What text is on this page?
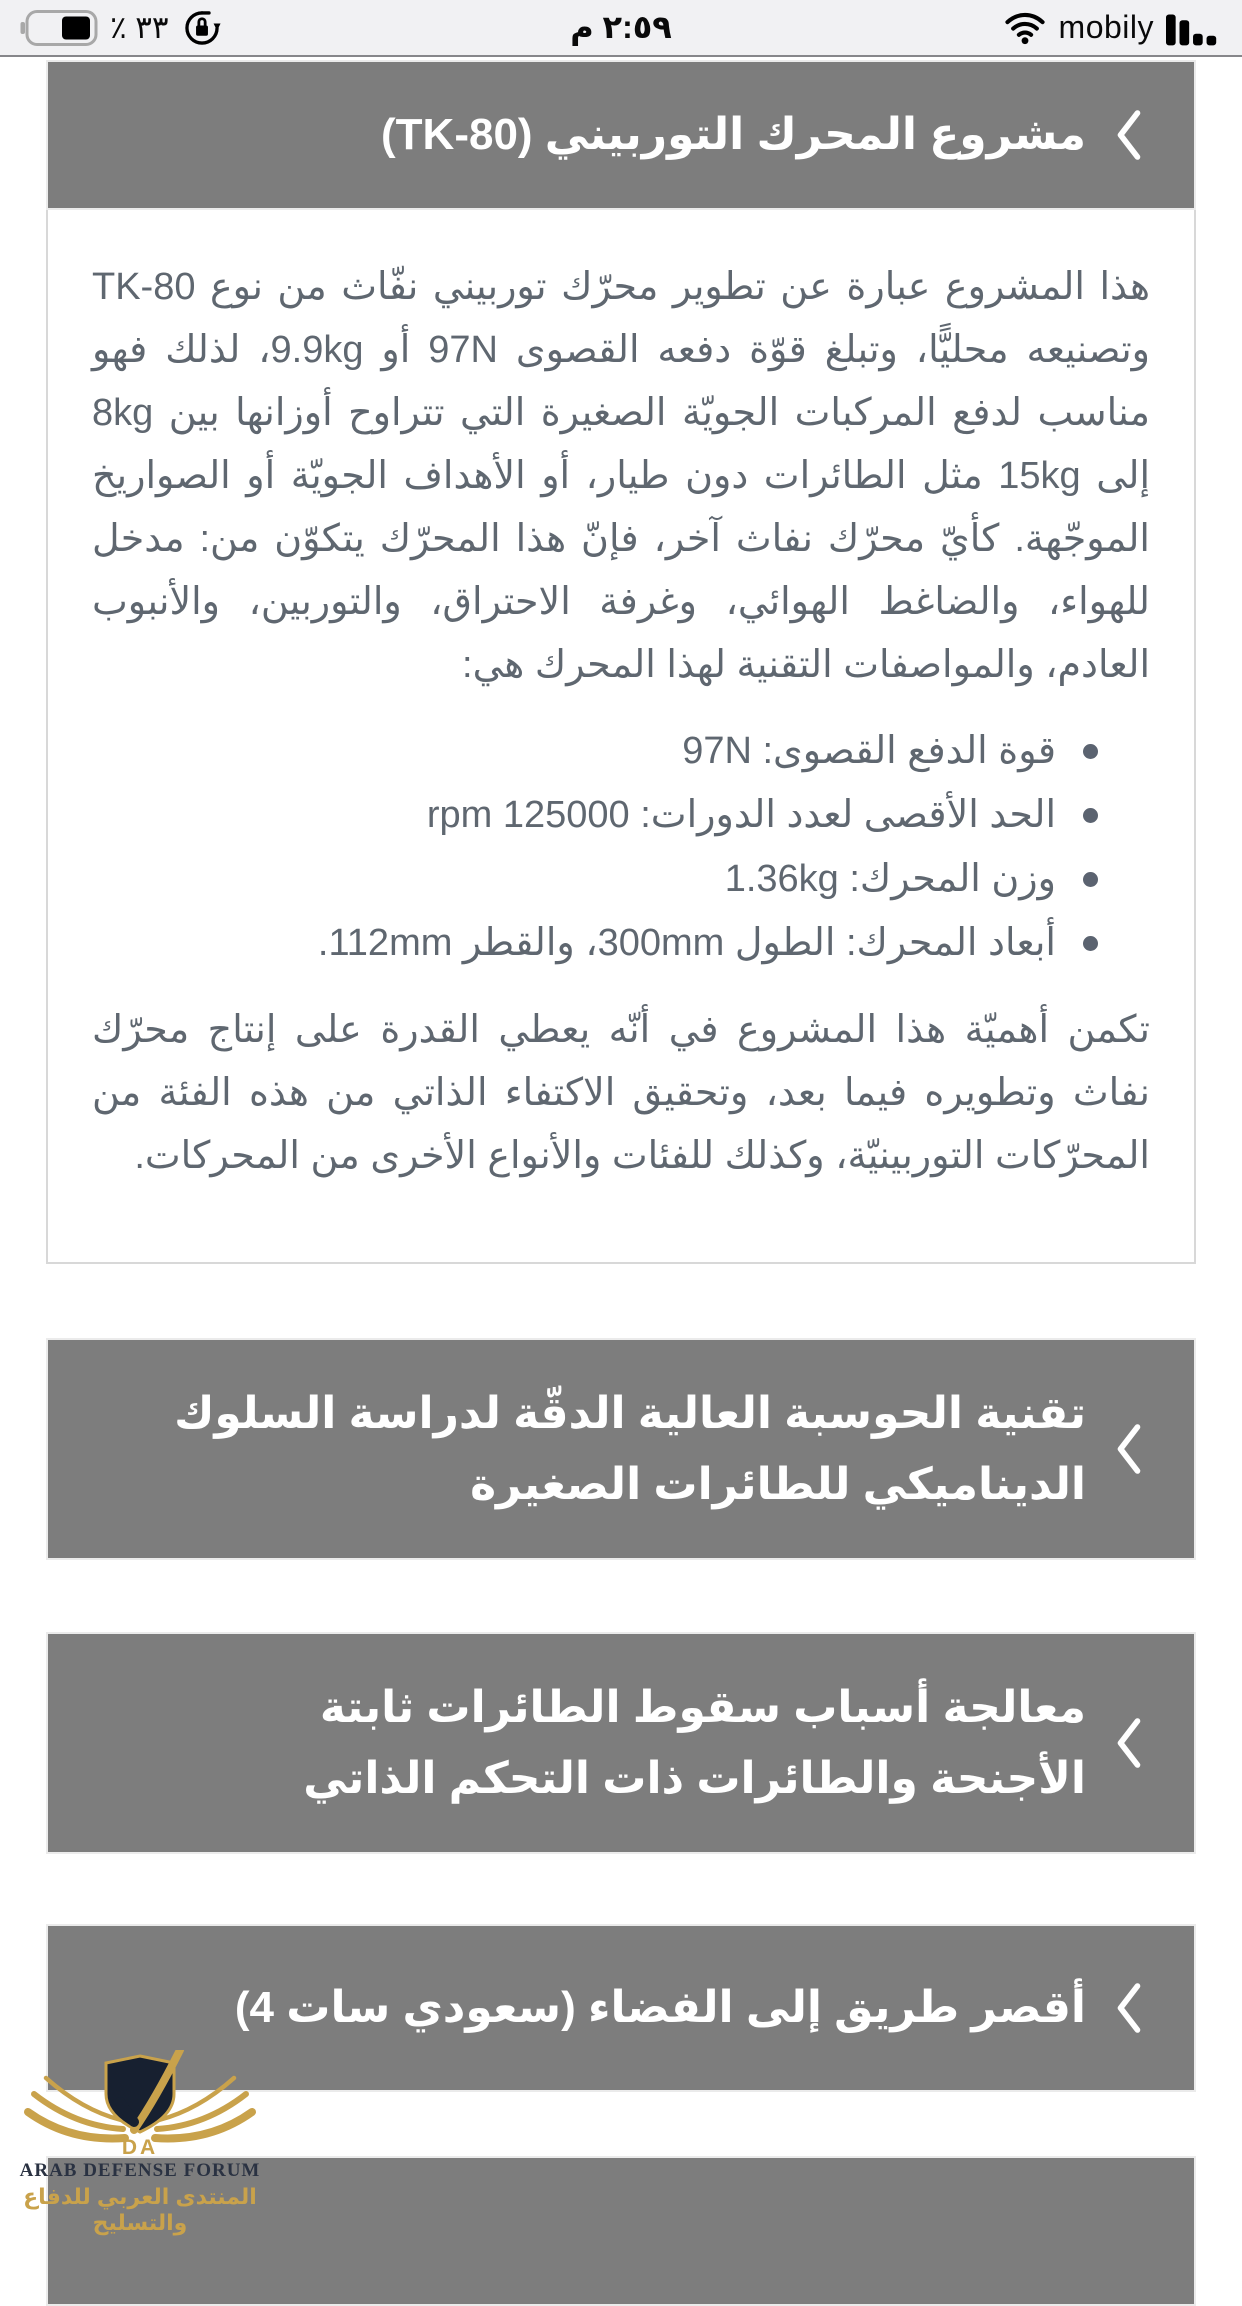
٪ ٣٣	م ٢:٥٩	mobily
مشروع المحرك التوربيني (TK-80)

هذا المشروع عبارة عن تطوير محرّك توربيني نفّاث من نوع TK-80 وتصنيعه محليًّا، وتبلغ قوّة دفعه القصوى 97N أو 9.9kg، لذلك فهو مناسب لدفع المركبات الجويّة الصغيرة التي تتراوح أوزانها بين 8kg إلى 15kg مثل الطائرات دون طيار، أو الأهداف الجويّة أو الصواريخ الموجّهة. كأيّ محرّك نفاث آخر، فإنّ هذا المحرّك يتكوّن من: مدخل للهواء، والضاغط الهوائي، وغرفة الاحتراق، والتوربين، والأنبوب العادم، والمواصفات التقنية لهذا المحرك هي:

قوة الدفع القصوى: 97N
الحد الأقصى لعدد الدورات: 125000 rpm
وزن المحرك: 1.36kg
أبعاد المحرك: الطول 300mm، والقطر 112mm.

تكمن أهميّة هذا المشروع في أنّه يعطي القدرة على إنتاج محرّك نفاث وتطويره فيما بعد، وتحقيق الاكتفاء الذاتي من هذه الفئة من المحرّكات التوربينيّة، وكذلك للفئات والأنواع الأخرى من المحركات.

تقنية الحوسبة العالية الدقّة لدراسة السلوك الديناميكي للطائرات الصغيرة
معالجة أسباب سقوط الطائرات ثابتة الأجنحة والطائرات ذات التحكم الذاتي
أقصر طريق إلى الفضاء (سعودي سات 4)
DA
ARAB DEFENSE FORUM
المنتدى العربي للدفاع والتسليح
